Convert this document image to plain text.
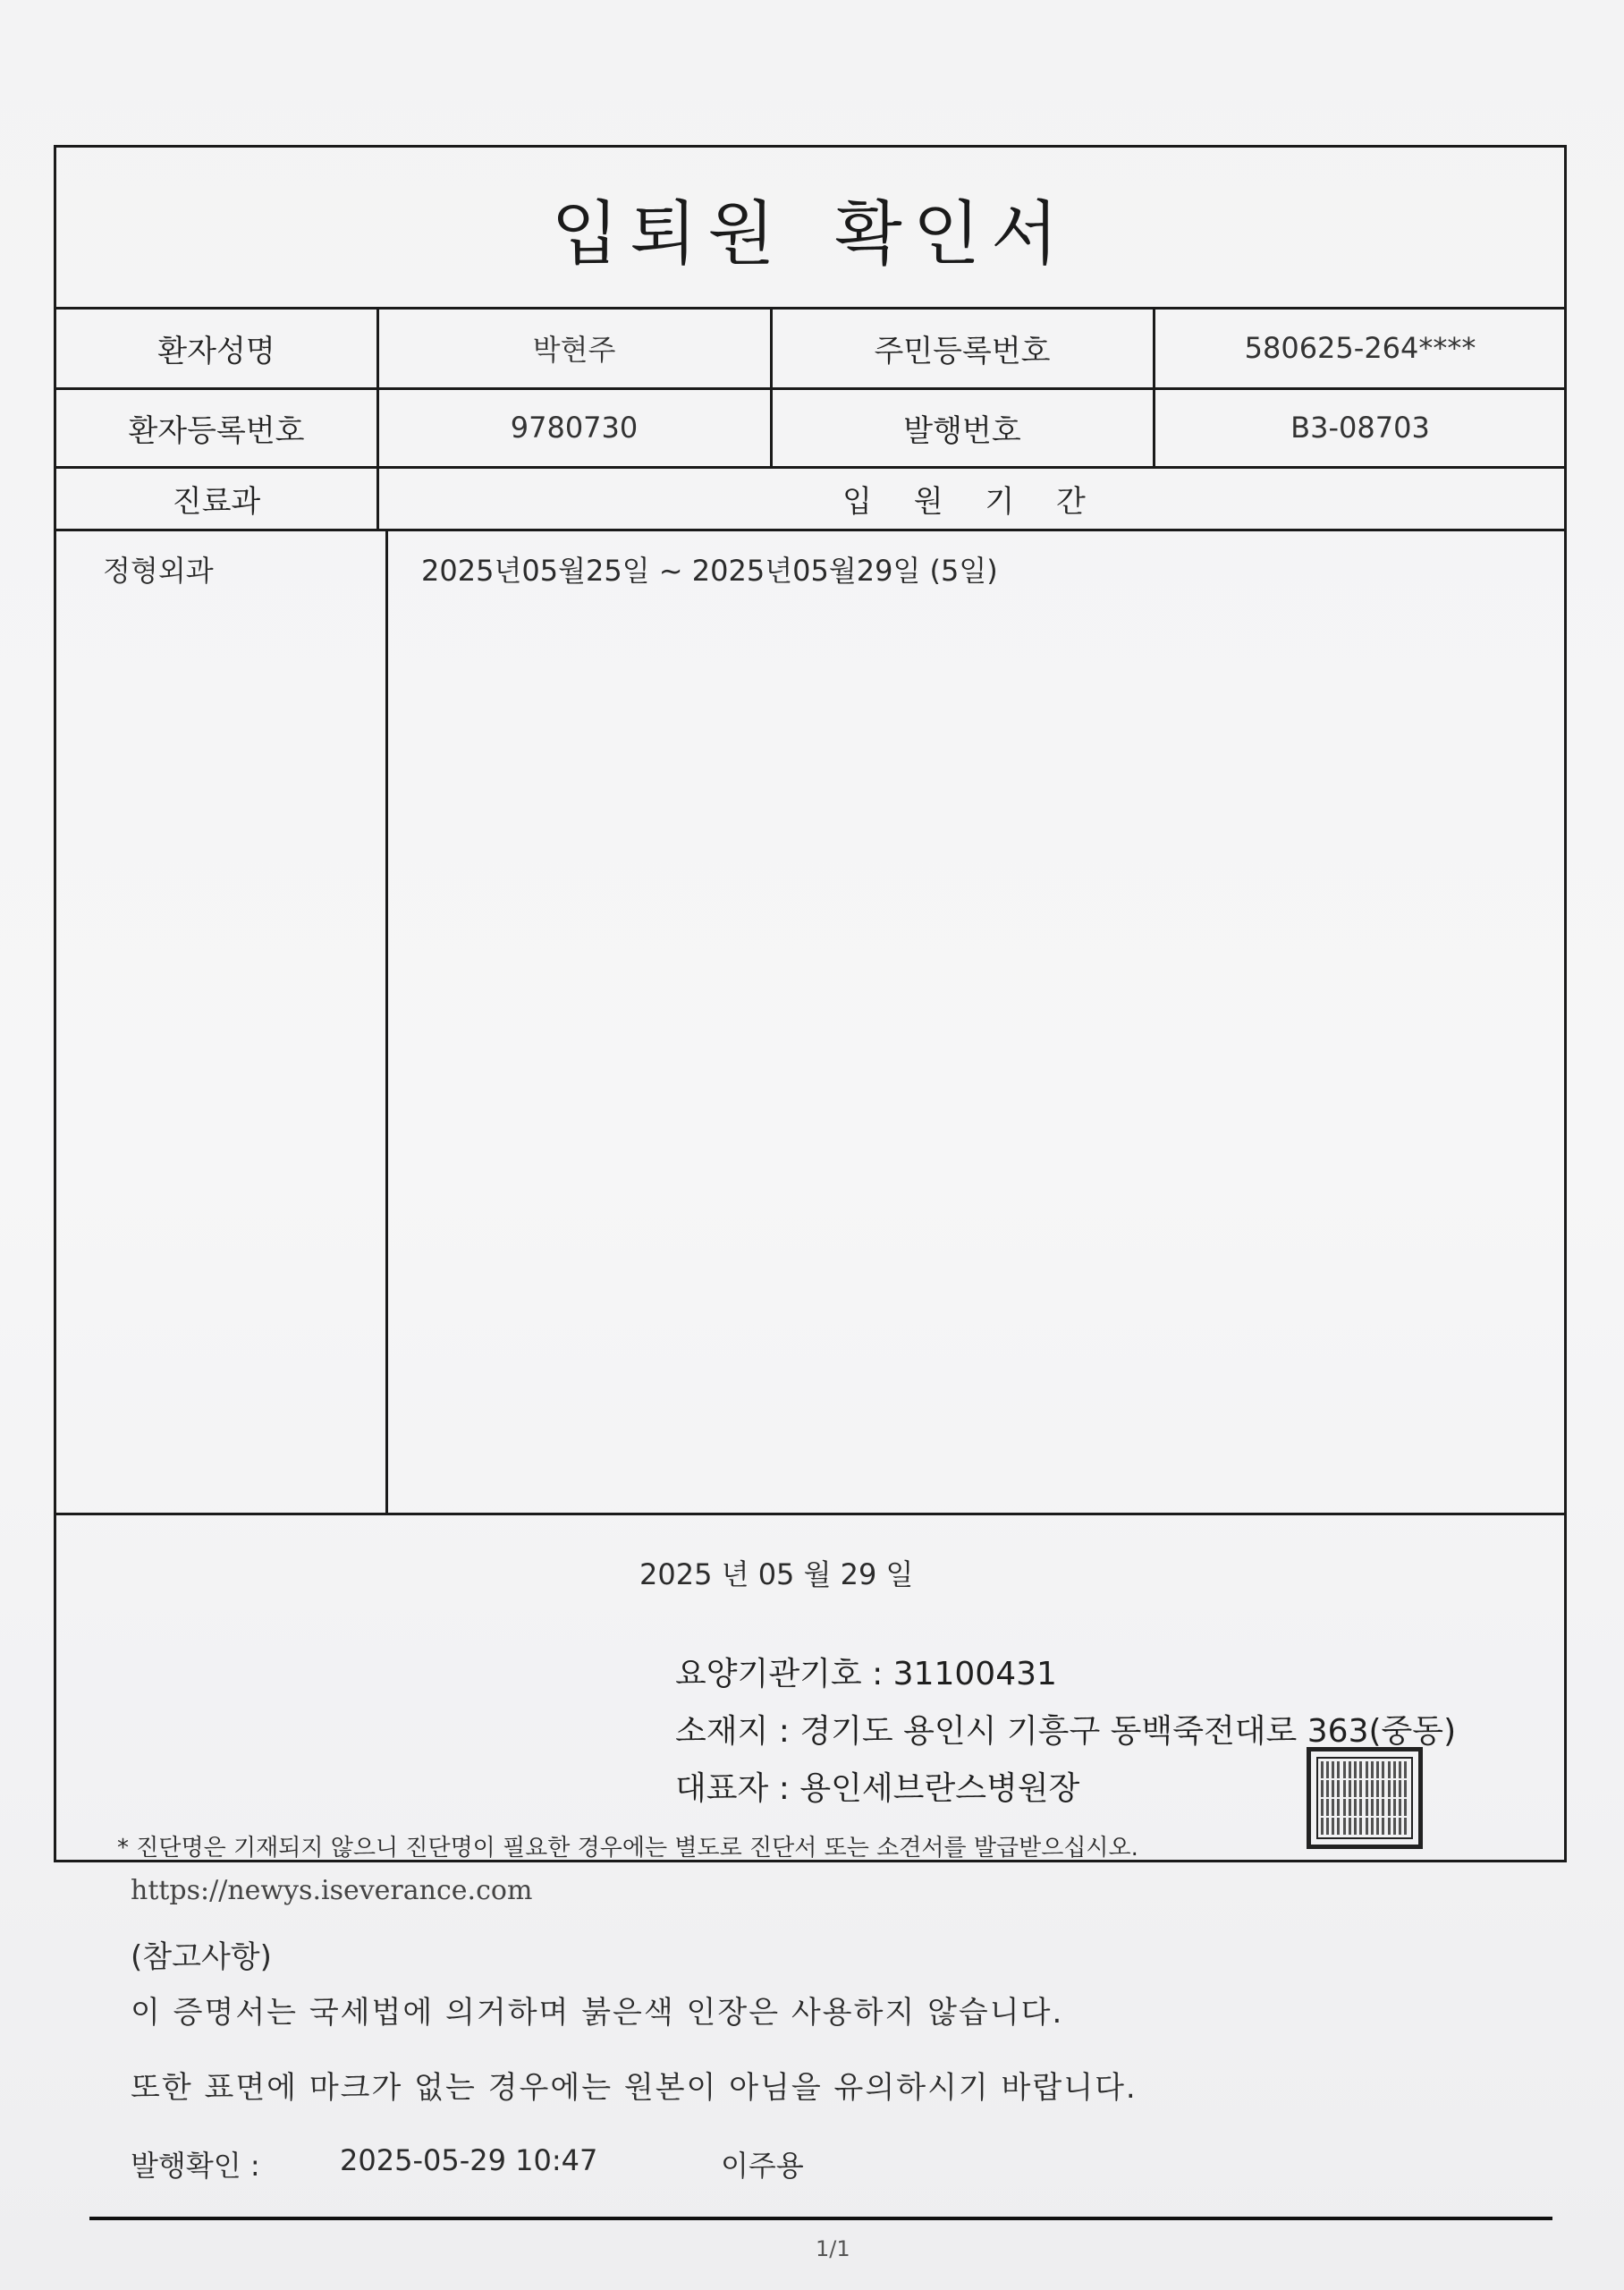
입퇴원 확인서
환자성명	박현주	주민등록번호	580625-264****
환자등록번호	9780730	발행번호	B3-08703
진료과	입 원 기 간
정형외과	2025년05월25일 ~ 2025년05월29일 (5일)
2025 년 05 월 29 일
요양기관기호 : 31100431
소재지 : 경기도 용인시 기흥구 동백죽전대로 363(중동)
대표자 : 용인세브란스병원장
* 진단명은 기재되지 않으니 진단명이 필요한 경우에는 별도로 진단서 또는 소견서를 발급받으십시오.
https://newys.iseverance.com
(참고사항)
이 증명서는 국세법에 의거하며 붉은색 인장은 사용하지 않습니다.
또한 표면에 마크가 없는 경우에는 원본이 아님을 유의하시기 바랍니다.
발행확인 :	2025-05-29 10:47	이주용
1/1
